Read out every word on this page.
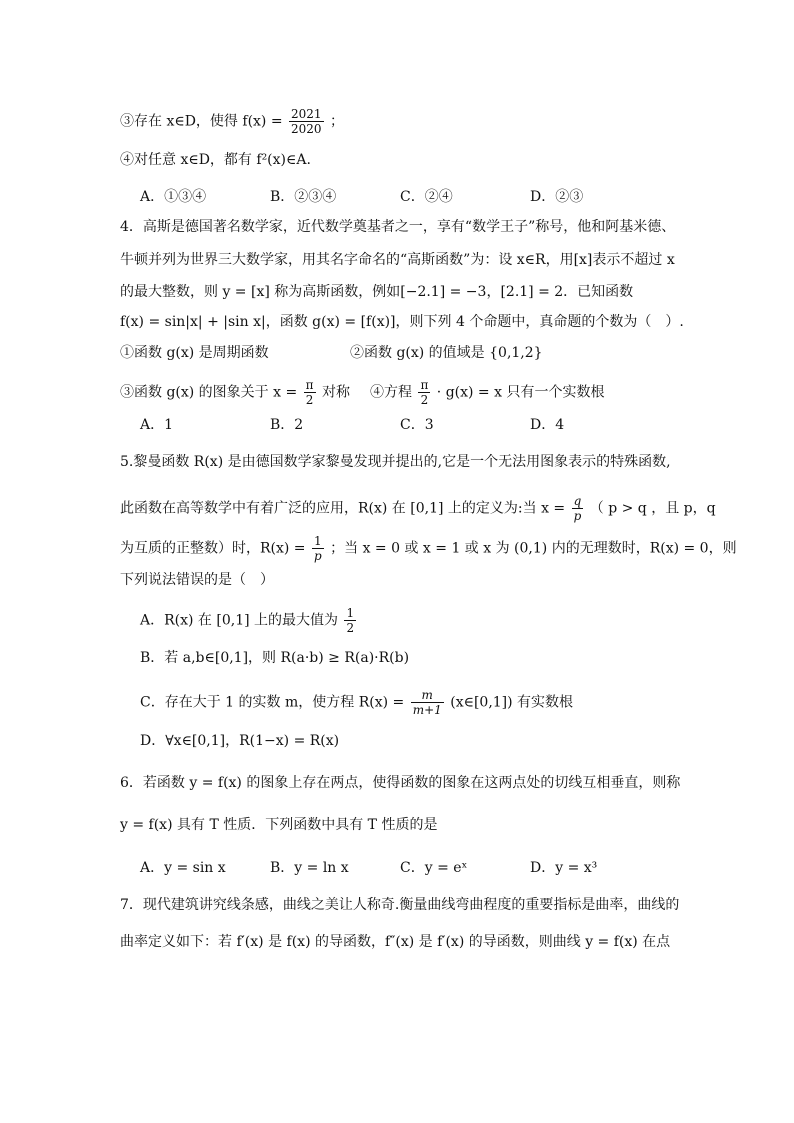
③存在 x∈D，使得 $f(x) = \frac{2021}{2020}$ ；
④对任意 x∈D，都有 f²(x)∈A.
A．①③④	B．②③④	C．②④	D．②③
4．高斯是德国著名数学家，近代数学奠基者之一，享有“数学王子”称号，他和阿基米德、
牛顿并列为世界三大数学家，用其名字命名的“高斯函数”为：设 x∈R，用[x]表示不超过 x
的最大整数，则 y = [x] 称为高斯函数，例如[−2.1] = −3，[2.1] = 2．已知函数
f(x) = sin|x| + |sin x|，函数 g(x) = [f(x)]，则下列 4 个命题中，真命题的个数为（　）.
①函数 g(x) 是周期函数	②函数 g(x) 的值域是 {0,1,2}
③函数 g(x) 的图象关于 $x = \frac{\pi}{2}$ 对称 ④方程 $\frac{\pi}{2} \cdot g(x) = x$ 只有一个实数根
A．1	B．2	C．3	D．4
5.黎曼函数 R(x) 是由德国数学家黎曼发现并提出的,它是一个无法用图象表示的特殊函数,
此函数在高等数学中有着广泛的应用，R(x) 在 [0,1] 上的定义为:当 $x = \frac{q}{p}$ （ p > q ，且 p，q
为互质的正整数）时，$R(x) = \frac{1}{p}$ ；当 x = 0 或 x = 1 或 x 为 (0,1) 内的无理数时，R(x) = 0，则
下列说法错误的是（　）
A．R(x) 在 [0,1] 上的最大值为 $\frac{1}{2}$
B．若 a,b∈[0,1]，则 R(a·b) ≥ R(a)·R(b)
C．存在大于 1 的实数 m，使方程 $R(x) = \frac{m}{m+1}$ (x∈[0,1]) 有实数根
D．∀x∈[0,1]，R(1−x) = R(x)
6．若函数 y = f(x) 的图象上存在两点，使得函数的图象在这两点处的切线互相垂直，则称
y = f(x) 具有 T 性质．下列函数中具有 T 性质的是
A．y = sin x	B．y = ln x	C．y = eˣ	D．y = x³
7．现代建筑讲究线条感，曲线之美让人称奇.衡量曲线弯曲程度的重要指标是曲率，曲线的
曲率定义如下：若 f′(x) 是 f(x) 的导函数，f″(x) 是 f′(x) 的导函数，则曲线 y = f(x) 在点
